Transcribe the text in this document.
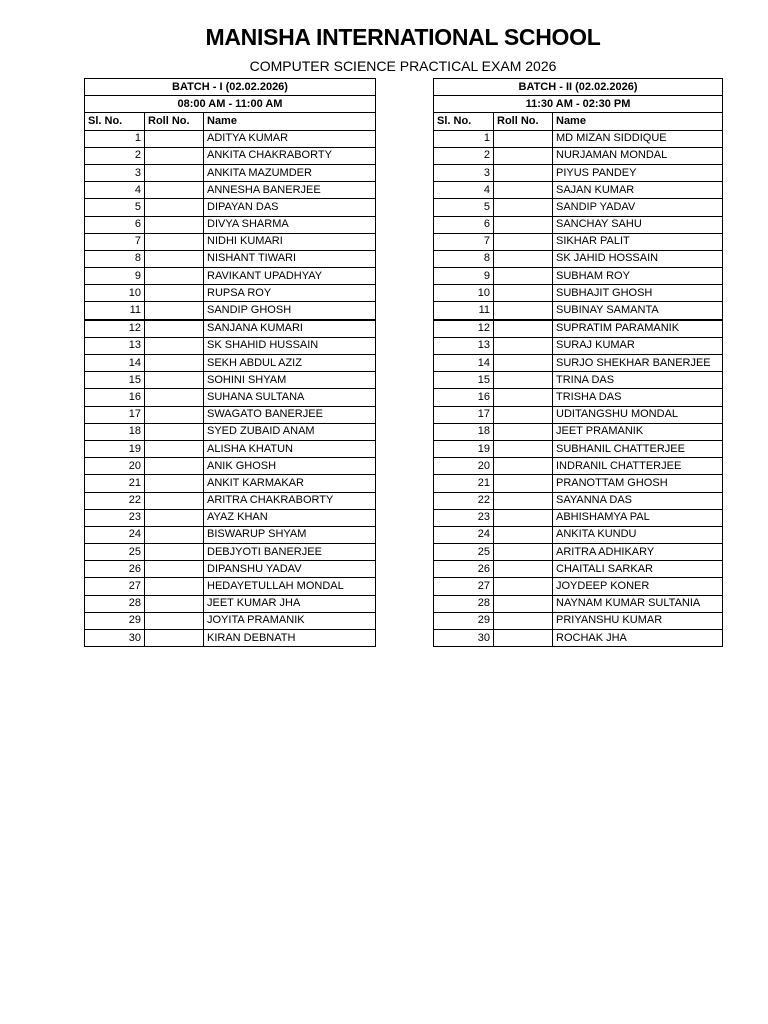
MANISHA INTERNATIONAL SCHOOL
COMPUTER SCIENCE PRACTICAL EXAM 2026
BATCH - I (02.02.2026)		
08:00 AM - 11:00 AM		
Sl. No.	Roll No.	Name
1		ADITYA KUMAR
2		ANKITA CHAKRABORTY
3		ANKITA MAZUMDER
4		ANNESHA BANERJEE
5		DIPAYAN DAS
6		DIVYA SHARMA
7		NIDHI KUMARI
8		NISHANT TIWARI
9		RAVIKANT UPADHYAY
10		RUPSA ROY
11		SANDIP GHOSH
12		SANJANA KUMARI
13		SK SHAHID HUSSAIN
14		SEKH ABDUL AZIZ
15		SOHINI SHYAM
16		SUHANA SULTANA
17		SWAGATO BANERJEE
18		SYED ZUBAID ANAM
19		ALISHA KHATUN
20		ANIK GHOSH
21		ANKIT KARMAKAR
22		ARITRA CHAKRABORTY
23		AYAZ KHAN
24		BISWARUP SHYAM
25		DEBJYOTI BANERJEE
26		DIPANSHU YADAV
27		HEDAYETULLAH MONDAL
28		JEET KUMAR JHA
29		JOYITA PRAMANIK
30		KIRAN DEBNATH
BATCH - II (02.02.2026)		
11:30 AM - 02:30 PM		
Sl. No.	Roll No.	Name
1		MD MIZAN SIDDIQUE
2		NURJAMAN MONDAL
3		PIYUS PANDEY
4		SAJAN KUMAR
5		SANDIP YADAV
6		SANCHAY SAHU
7		SIKHAR PALIT
8		SK JAHID HOSSAIN
9		SUBHAM ROY
10		SUBHAJIT GHOSH
11		SUBINAY SAMANTA
12		SUPRATIM PARAMANIK
13		SURAJ KUMAR
14		SURJO SHEKHAR BANERJEE
15		TRINA DAS
16		TRISHA DAS
17		UDITANGSHU MONDAL
18		JEET PRAMANIK
19		SUBHANIL CHATTERJEE
20		INDRANIL CHATTERJEE
21		PRANOTTAM GHOSH
22		SAYANNA DAS
23		ABHISHAMYA PAL
24		ANKITA KUNDU
25		ARITRA ADHIKARY
26		CHAITALI SARKAR
27		JOYDEEP KONER
28		NAYNAM KUMAR SULTANIA
29		PRIYANSHU KUMAR
30		ROCHAK JHA
